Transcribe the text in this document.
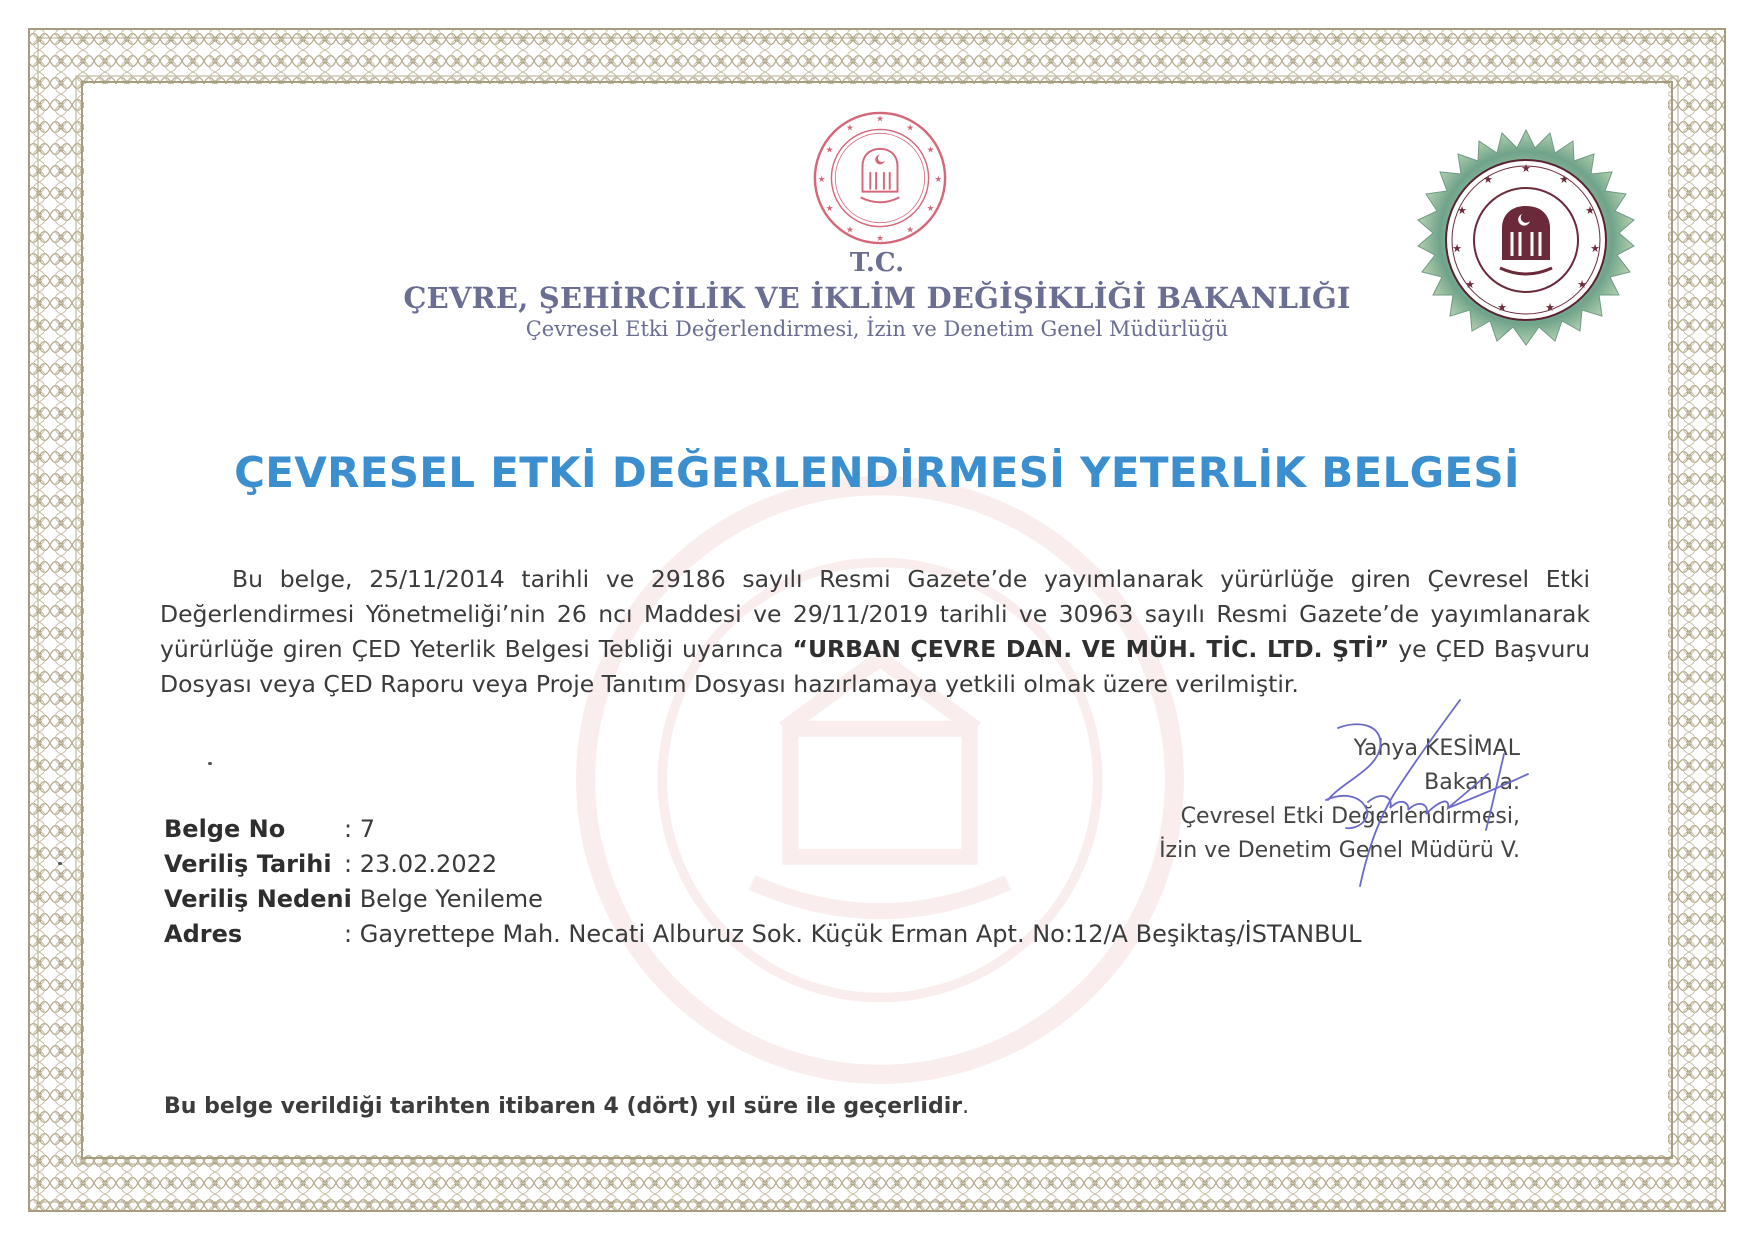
★
★
★
★
★
★
★
★
★
★
★
★
★
★
★
★
★
★
★
★
★
★
★
T.C.
ÇEVRE, ŞEHİRCİLİK VE İKLİM DEĞİŞİKLİĞİ BAKANLIĞI
Çevresel Etki Değerlendirmesi, İzin ve Denetim Genel Müdürlüğü
ÇEVRESEL ETKİ DEĞERLENDİRMESİ YETERLİK BELGESİ
Bu belge, 25/11/2014 tarihli ve 29186 sayılı Resmi Gazete’de yayımlanarak yürürlüğe giren Çevresel Etki Değerlendirmesi Yönetmeliği’nin 26 ncı Maddesi ve 29/11/2019 tarihli ve 30963 sayılı Resmi Gazete’de yayımlanarak yürürlüğe giren ÇED Yeterlik Belgesi Tebliği uyarınca “URBAN ÇEVRE DAN. VE MÜH. TİC. LTD. ŞTİ” ye ÇED Başvuru Dosyası veya ÇED Raporu veya Proje Tanıtım Dosyası hazırlamaya yetkili olmak üzere verilmiştir.
Yahya KESİMAL
Bakan a.
Çevresel Etki Değerlendirmesi,
İzin ve Denetim Genel Müdürü V.
Belge No	: 7
Veriliş Tarihi : 23.02.2022
Veriliş Nedeni
: Belge Yenileme
Adres	: Gayrettepe Mah. Necati Alburuz Sok. Küçük Erman Apt. No:12/A Beşiktaş/İSTANBUL
Bu belge verildiği tarihten itibaren 4 (dört) yıl süre ile geçerlidir.
